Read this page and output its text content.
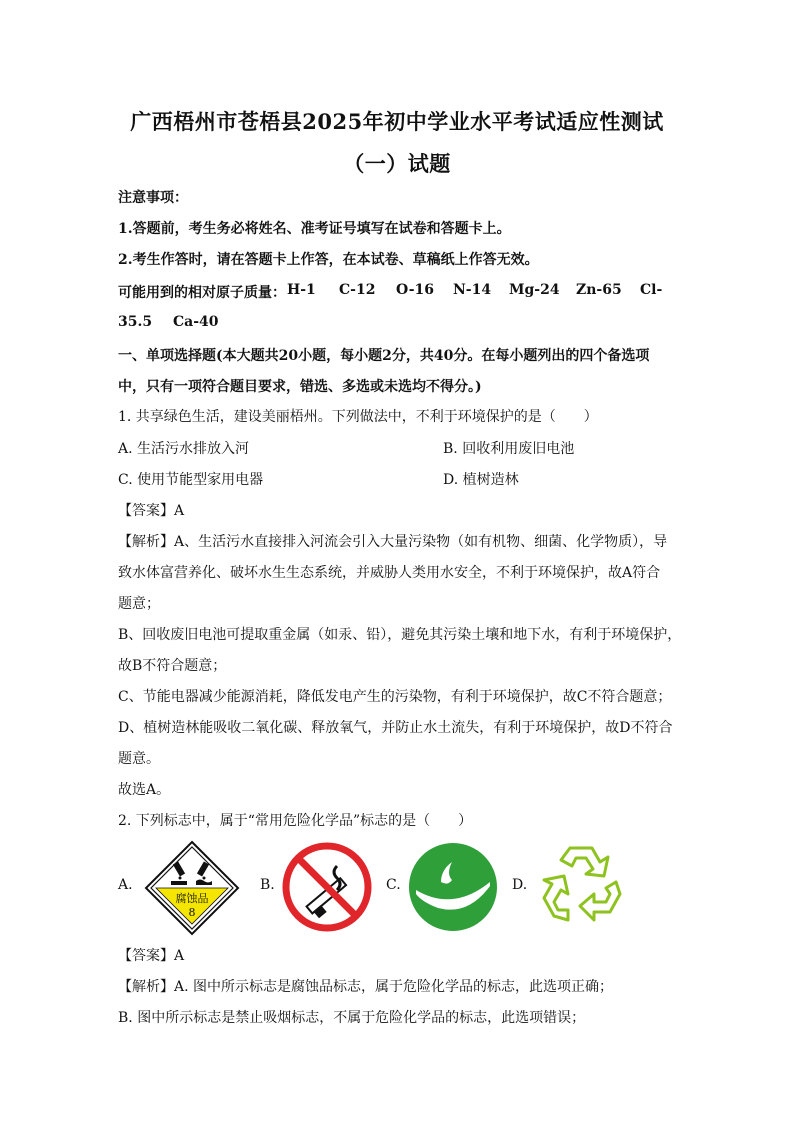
广西梧州市苍梧县2025年初中学业水平考试适应性测试
（一）试题
注意事项：
1.答题前，考生务必将姓名、准考证号填写在试卷和答题卡上。
2.考生作答时，请在答题卡上作答，在本试卷、草稿纸上作答无效。
可能用到的相对原子质量： H-1 C-12 O-16 N-14 Mg-24 Zn-65 Cl-
35.5 Ca-40
一、单项选择题(本大题共20小题，每小题2分，共40分。在每小题列出的四个备选项
中，只有一项符合题目要求，错选、多选或未选均不得分。)
1. 共享绿色生活，建设美丽梧州。下列做法中，不利于环境保护的是（　　）
A. 生活污水排放入河	B. 回收利用废旧电池
C. 使用节能型家用电器	D. 植树造林
【答案】A
【解析】A、生活污水直接排入河流会引入大量污染物（如有机物、细菌、化学物质），导
致水体富营养化、破坏水生生态系统，并威胁人类用水安全，不利于环境保护，故A符合
题意；
B、回收废旧电池可提取重金属（如汞、铅），避免其污染土壤和地下水，有利于环境保护，
故B不符合题意；
C、节能电器减少能源消耗，降低发电产生的污染物，有利于环境保护，故C不符合题意；
D、植树造林能吸收二氧化碳、释放氧气，并防止水土流失，有利于环境保护，故D不符合
题意。
故选A。
2. 下列标志中，属于“常用危险化学品”标志的是（　　）
A.	B.	C.	D.
腐蚀品
8
【答案】A
【解析】A. 图中所示标志是腐蚀品标志，属于危险化学品的标志，此选项正确；
B. 图中所示标志是禁止吸烟标志，不属于危险化学品的标志，此选项错误；
